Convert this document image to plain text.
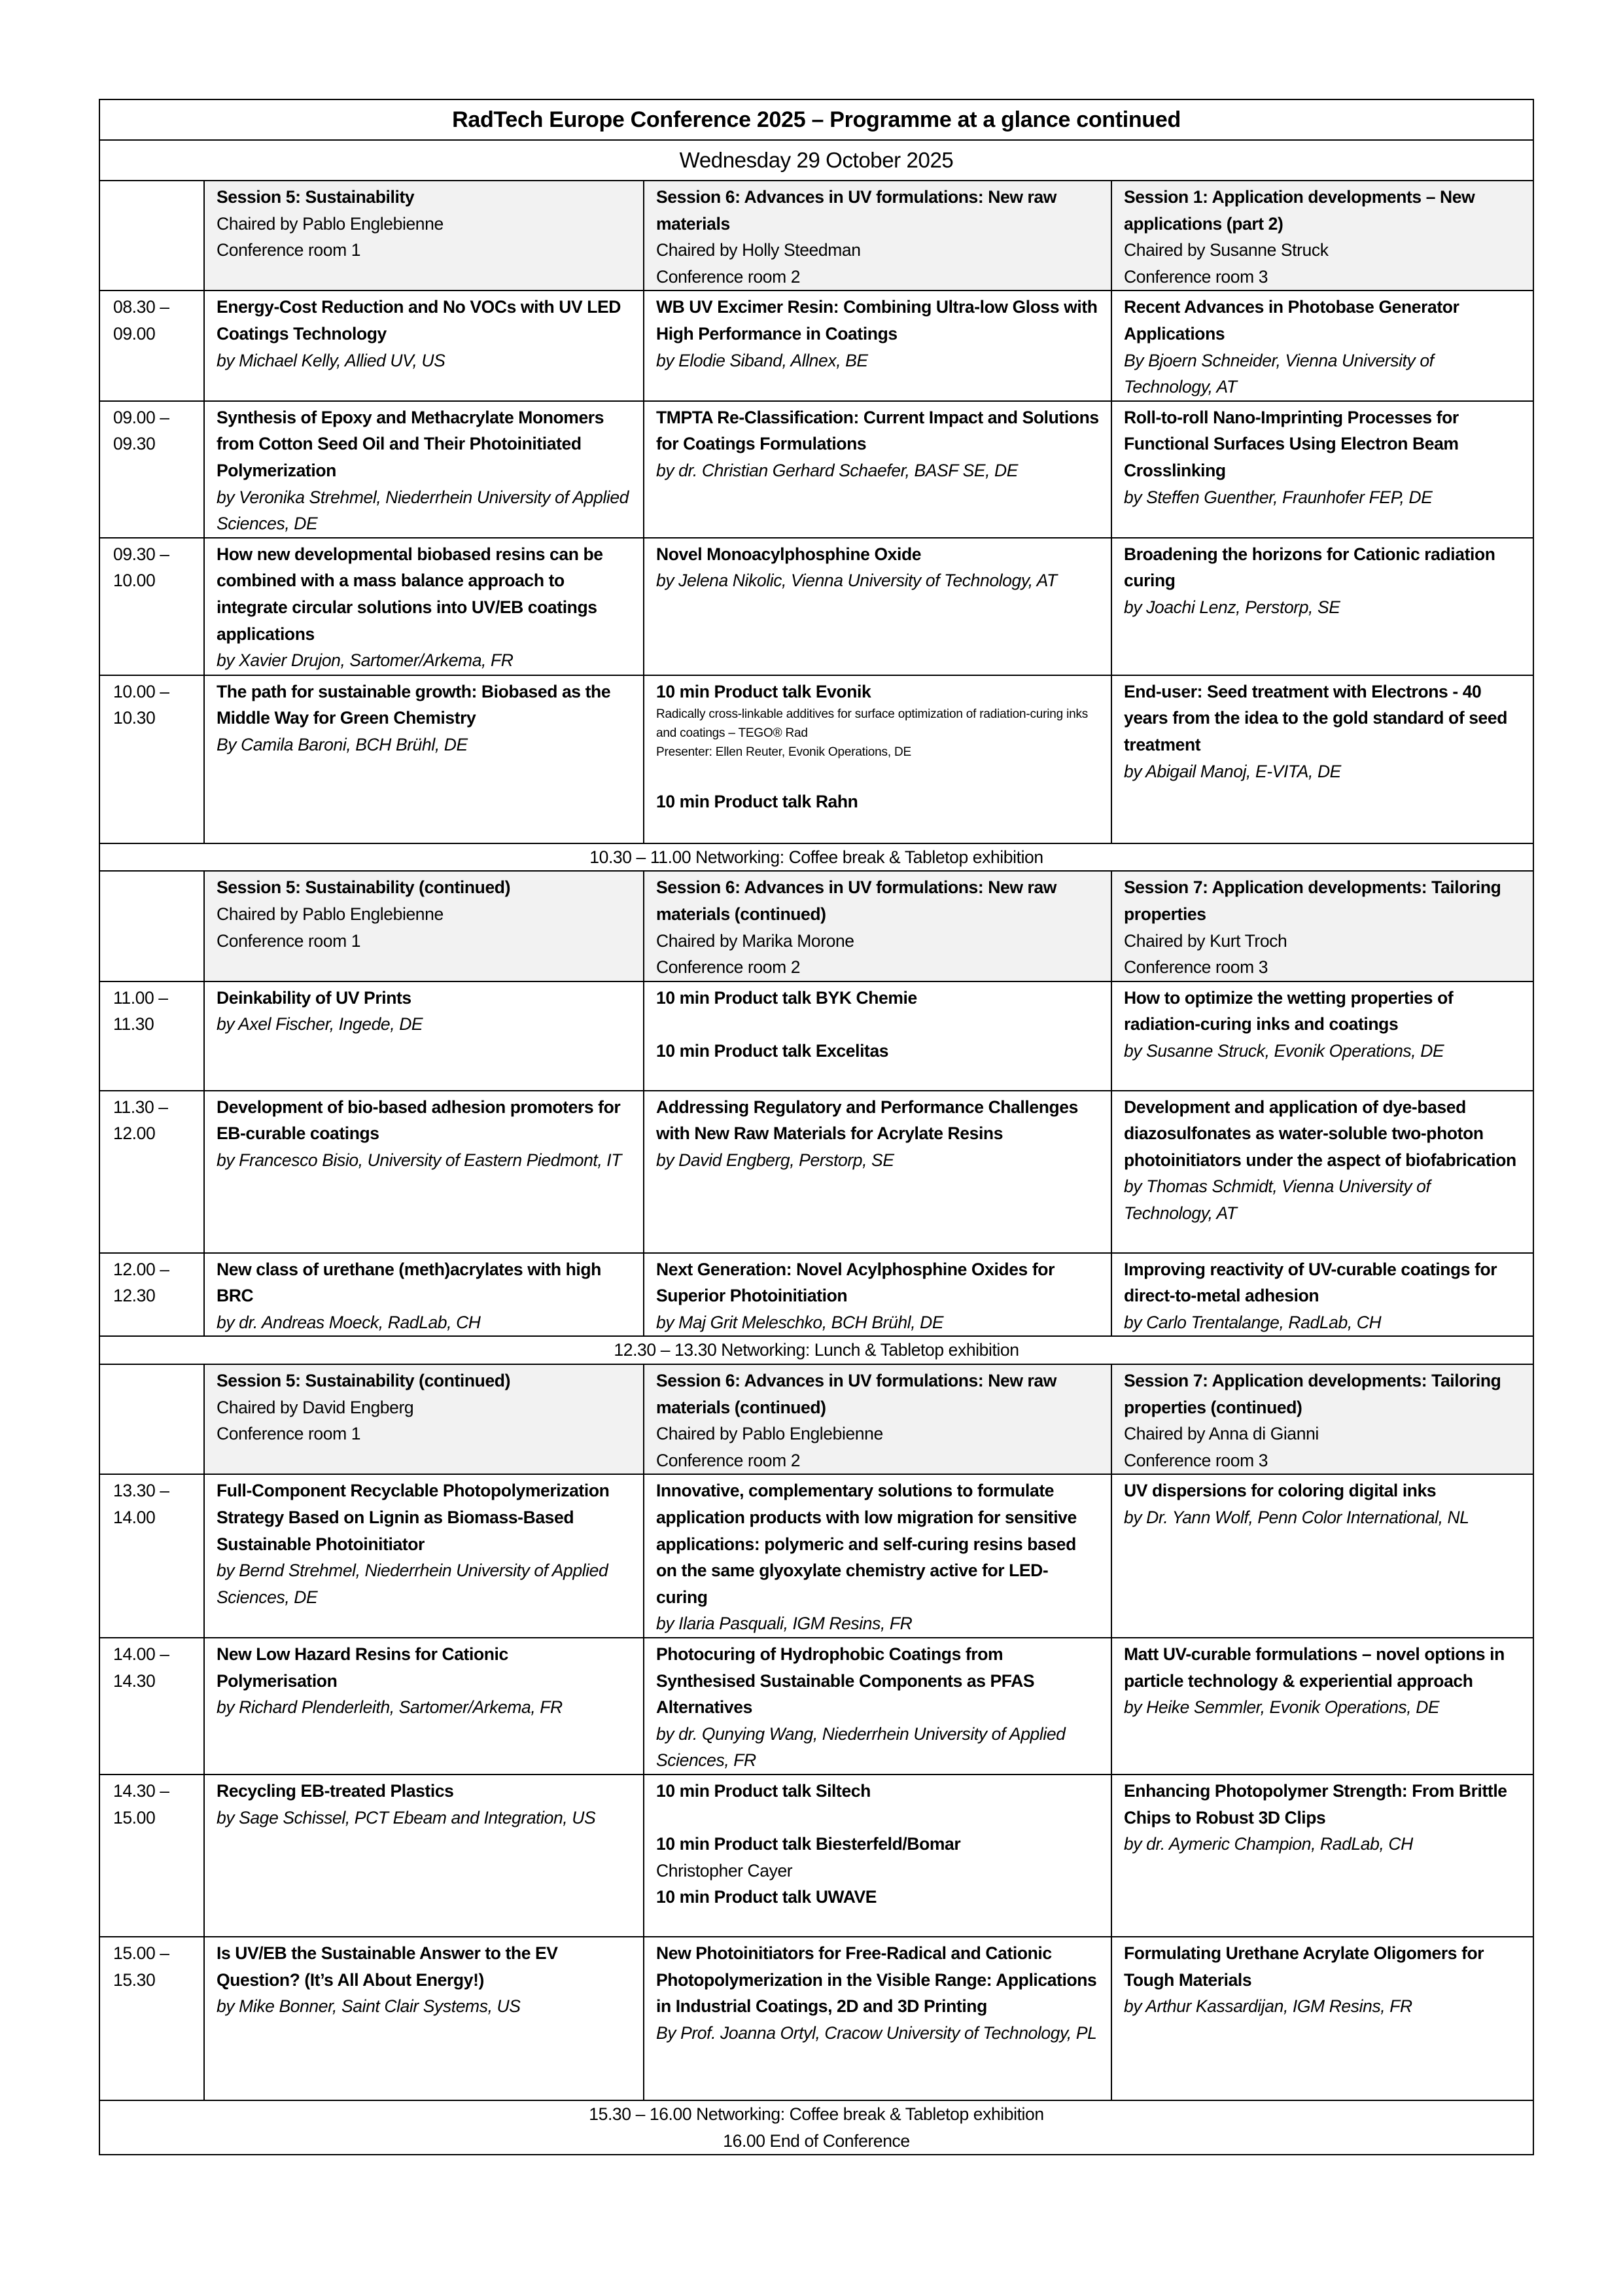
RadTech Europe Conference 2025 – Programme at a glance continued			
Wednesday 29 October 2025			

	Session 5: Sustainability
Chaired by Pablo Englebienne
Conference room 1	Session 6: Advances in UV formulations: New raw materials
Chaired by Holly Steedman
Conference room 2	Session 1: Application developments – New applications (part 2)
Chaired by Susanne Struck
Conference room 3

08.30 –
09.00	Energy-Cost Reduction and No VOCs with UV LED Coatings Technology
by Michael Kelly, Allied UV, US	WB UV Excimer Resin: Combining Ultra-low Gloss with High Performance in Coatings
by Elodie Siband, Allnex, BE	Recent Advances in Photobase Generator Applications
By Bjoern Schneider, Vienna University of Technology, AT

09.00 –
09.30	Synthesis of Epoxy and Methacrylate Monomers from Cotton Seed Oil and Their Photoinitiated Polymerization
by Veronika Strehmel, Niederrhein University of Applied Sciences, DE	TMPTA Re-Classification: Current Impact and Solutions for Coatings Formulations
by dr. Christian Gerhard Schaefer, BASF SE, DE	Roll-to-roll Nano-Imprinting Processes for Functional Surfaces Using Electron Beam Crosslinking
by Steffen Guenther, Fraunhofer FEP, DE

09.30 –
10.00	How new developmental biobased resins can be combined with a mass balance approach to integrate circular solutions into UV/EB coatings applications
by Xavier Drujon, Sartomer/Arkema, FR	Novel Monoacylphosphine Oxide
by Jelena Nikolic, Vienna University of Technology, AT	Broadening the horizons for Cationic radiation curing
by Joachi Lenz, Perstorp, SE

10.00 –
10.30	The path for sustainable growth: Biobased as the Middle Way for Green Chemistry
By Camila Baroni, BCH Brühl, DE	10 min Product talk Evonik
Radically cross-linkable additives for surface optimization of radiation-curing inks and coatings – TEGO® Rad
Presenter: Ellen Reuter, Evonik Operations, DE
10 min Product talk Rahn	End-user: Seed treatment with Electrons - 40 years from the idea to the gold standard of seed treatment
by Abigail Manoj, E-VITA, DE

10.30 – 11.00 Networking: Coffee break & Tabletop exhibition			

	Session 5: Sustainability (continued)
Chaired by Pablo Englebienne
Conference room 1	Session 6: Advances in UV formulations: New raw materials (continued)
Chaired by Marika Morone
Conference room 2	Session 7: Application developments: Tailoring properties
Chaired by Kurt Troch
Conference room 3

11.00 –
11.30	Deinkability of UV Prints
by Axel Fischer, Ingede, DE	10 min Product talk BYK Chemie
10 min Product talk Excelitas	How to optimize the wetting properties of radiation-curing inks and coatings
by Susanne Struck, Evonik Operations, DE

11.30 –
12.00	Development of bio-based adhesion promoters for EB-curable coatings
by Francesco Bisio, University of Eastern Piedmont, IT	Addressing Regulatory and Performance Challenges with New Raw Materials for Acrylate Resins
by David Engberg, Perstorp, SE	Development and application of dye-based diazosulfonates as water-soluble two-photon photoinitiators under the aspect of biofabrication
by Thomas Schmidt, Vienna University of Technology, AT

12.00 –
12.30	New class of urethane (meth)acrylates with high BRC
by dr. Andreas Moeck, RadLab, CH	Next Generation: Novel Acylphosphine Oxides for Superior Photoinitiation
by Maj Grit Meleschko, BCH Brühl, DE	Improving reactivity of UV-curable coatings for direct-to-metal adhesion
by Carlo Trentalange, RadLab, CH

12.30 – 13.30 Networking: Lunch & Tabletop exhibition			

	Session 5: Sustainability (continued)
Chaired by David Engberg
Conference room 1	Session 6: Advances in UV formulations: New raw materials (continued)
Chaired by Pablo Englebienne
Conference room 2	Session 7: Application developments: Tailoring properties (continued)
Chaired by Anna di Gianni
Conference room 3

13.30 –
14.00	Full-Component Recyclable Photopolymerization Strategy Based on Lignin as Biomass-Based Sustainable Photoinitiator
by Bernd Strehmel, Niederrhein University of Applied Sciences, DE	Innovative, complementary solutions to formulate application products with low migration for sensitive applications: polymeric and self-curing resins based on the same glyoxylate chemistry active for LED-curing
by Ilaria Pasquali, IGM Resins, FR	UV dispersions for coloring digital inks
by Dr. Yann Wolf, Penn Color International, NL

14.00 –
14.30	New Low Hazard Resins for Cationic Polymerisation
by Richard Plenderleith, Sartomer/Arkema, FR	Photocuring of Hydrophobic Coatings from Synthesised Sustainable Components as PFAS Alternatives
by dr. Qunying Wang, Niederrhein University of Applied Sciences, FR	Matt UV-curable formulations – novel options in particle technology & experiential approach
by Heike Semmler, Evonik Operations, DE

14.30 –
15.00	Recycling EB-treated Plastics
by Sage Schissel, PCT Ebeam and Integration, US	10 min Product talk Siltech
10 min Product talk Biesterfeld/Bomar
Christopher Cayer
10 min Product talk UWAVE	Enhancing Photopolymer Strength: From Brittle Chips to Robust 3D Clips
by dr. Aymeric Champion, RadLab, CH

15.00 –
15.30	Is UV/EB the Sustainable Answer to the EV Question? (It’s All About Energy!)
by Mike Bonner, Saint Clair Systems, US	New Photoinitiators for Free-Radical and Cationic Photopolymerization in the Visible Range: Applications in Industrial Coatings, 2D and 3D Printing
By Prof. Joanna Ortyl, Cracow University of Technology, PL	Formulating Urethane Acrylate Oligomers for Tough Materials
by Arthur Kassardijan, IGM Resins, FR

15.30 – 16.00 Networking: Coffee break & Tabletop exhibition
16.00 End of Conference			
